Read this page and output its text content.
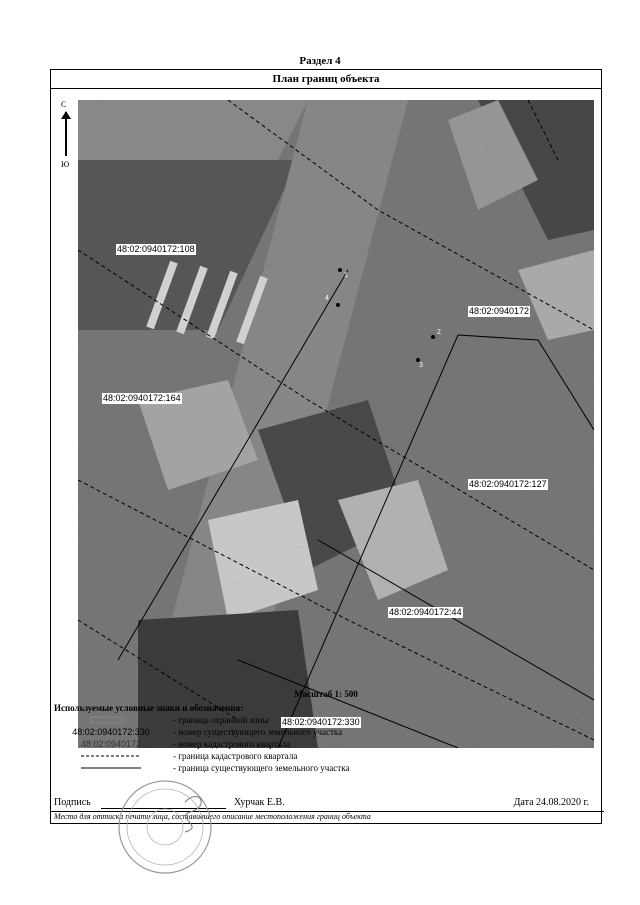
Раздел 4
План границ объекта
48:02:0940172:108
48:02:0940172
48:02:0940172:164
48:02:0940172:127
48:02:0940172:44
48:02:0940172:330
1
4
2
3
С
Ю
Масштаб 1: 500
Используемые условные знаки и обозначения:
- граница охранной зоны
48:02:0940172:330	- номер существующего земельного участка
48:02:0940172	- номер кадастрового квартала
- граница кадастрового квартала
- граница существующего земельного участка
Подпись	Хурчак Е.В.	Дата 24.08.2020 г.
Место для оттиска печати лица, составившего описание местоположения границ объекта
